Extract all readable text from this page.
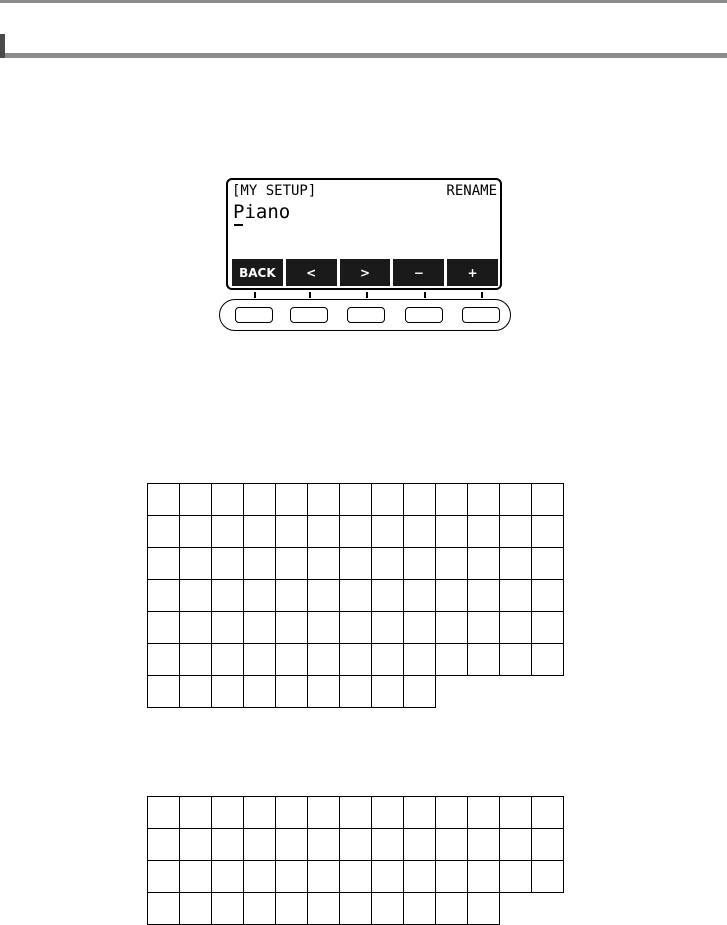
[MY SETUP]	RENAME
Piano
BACK	<	>	−	+
